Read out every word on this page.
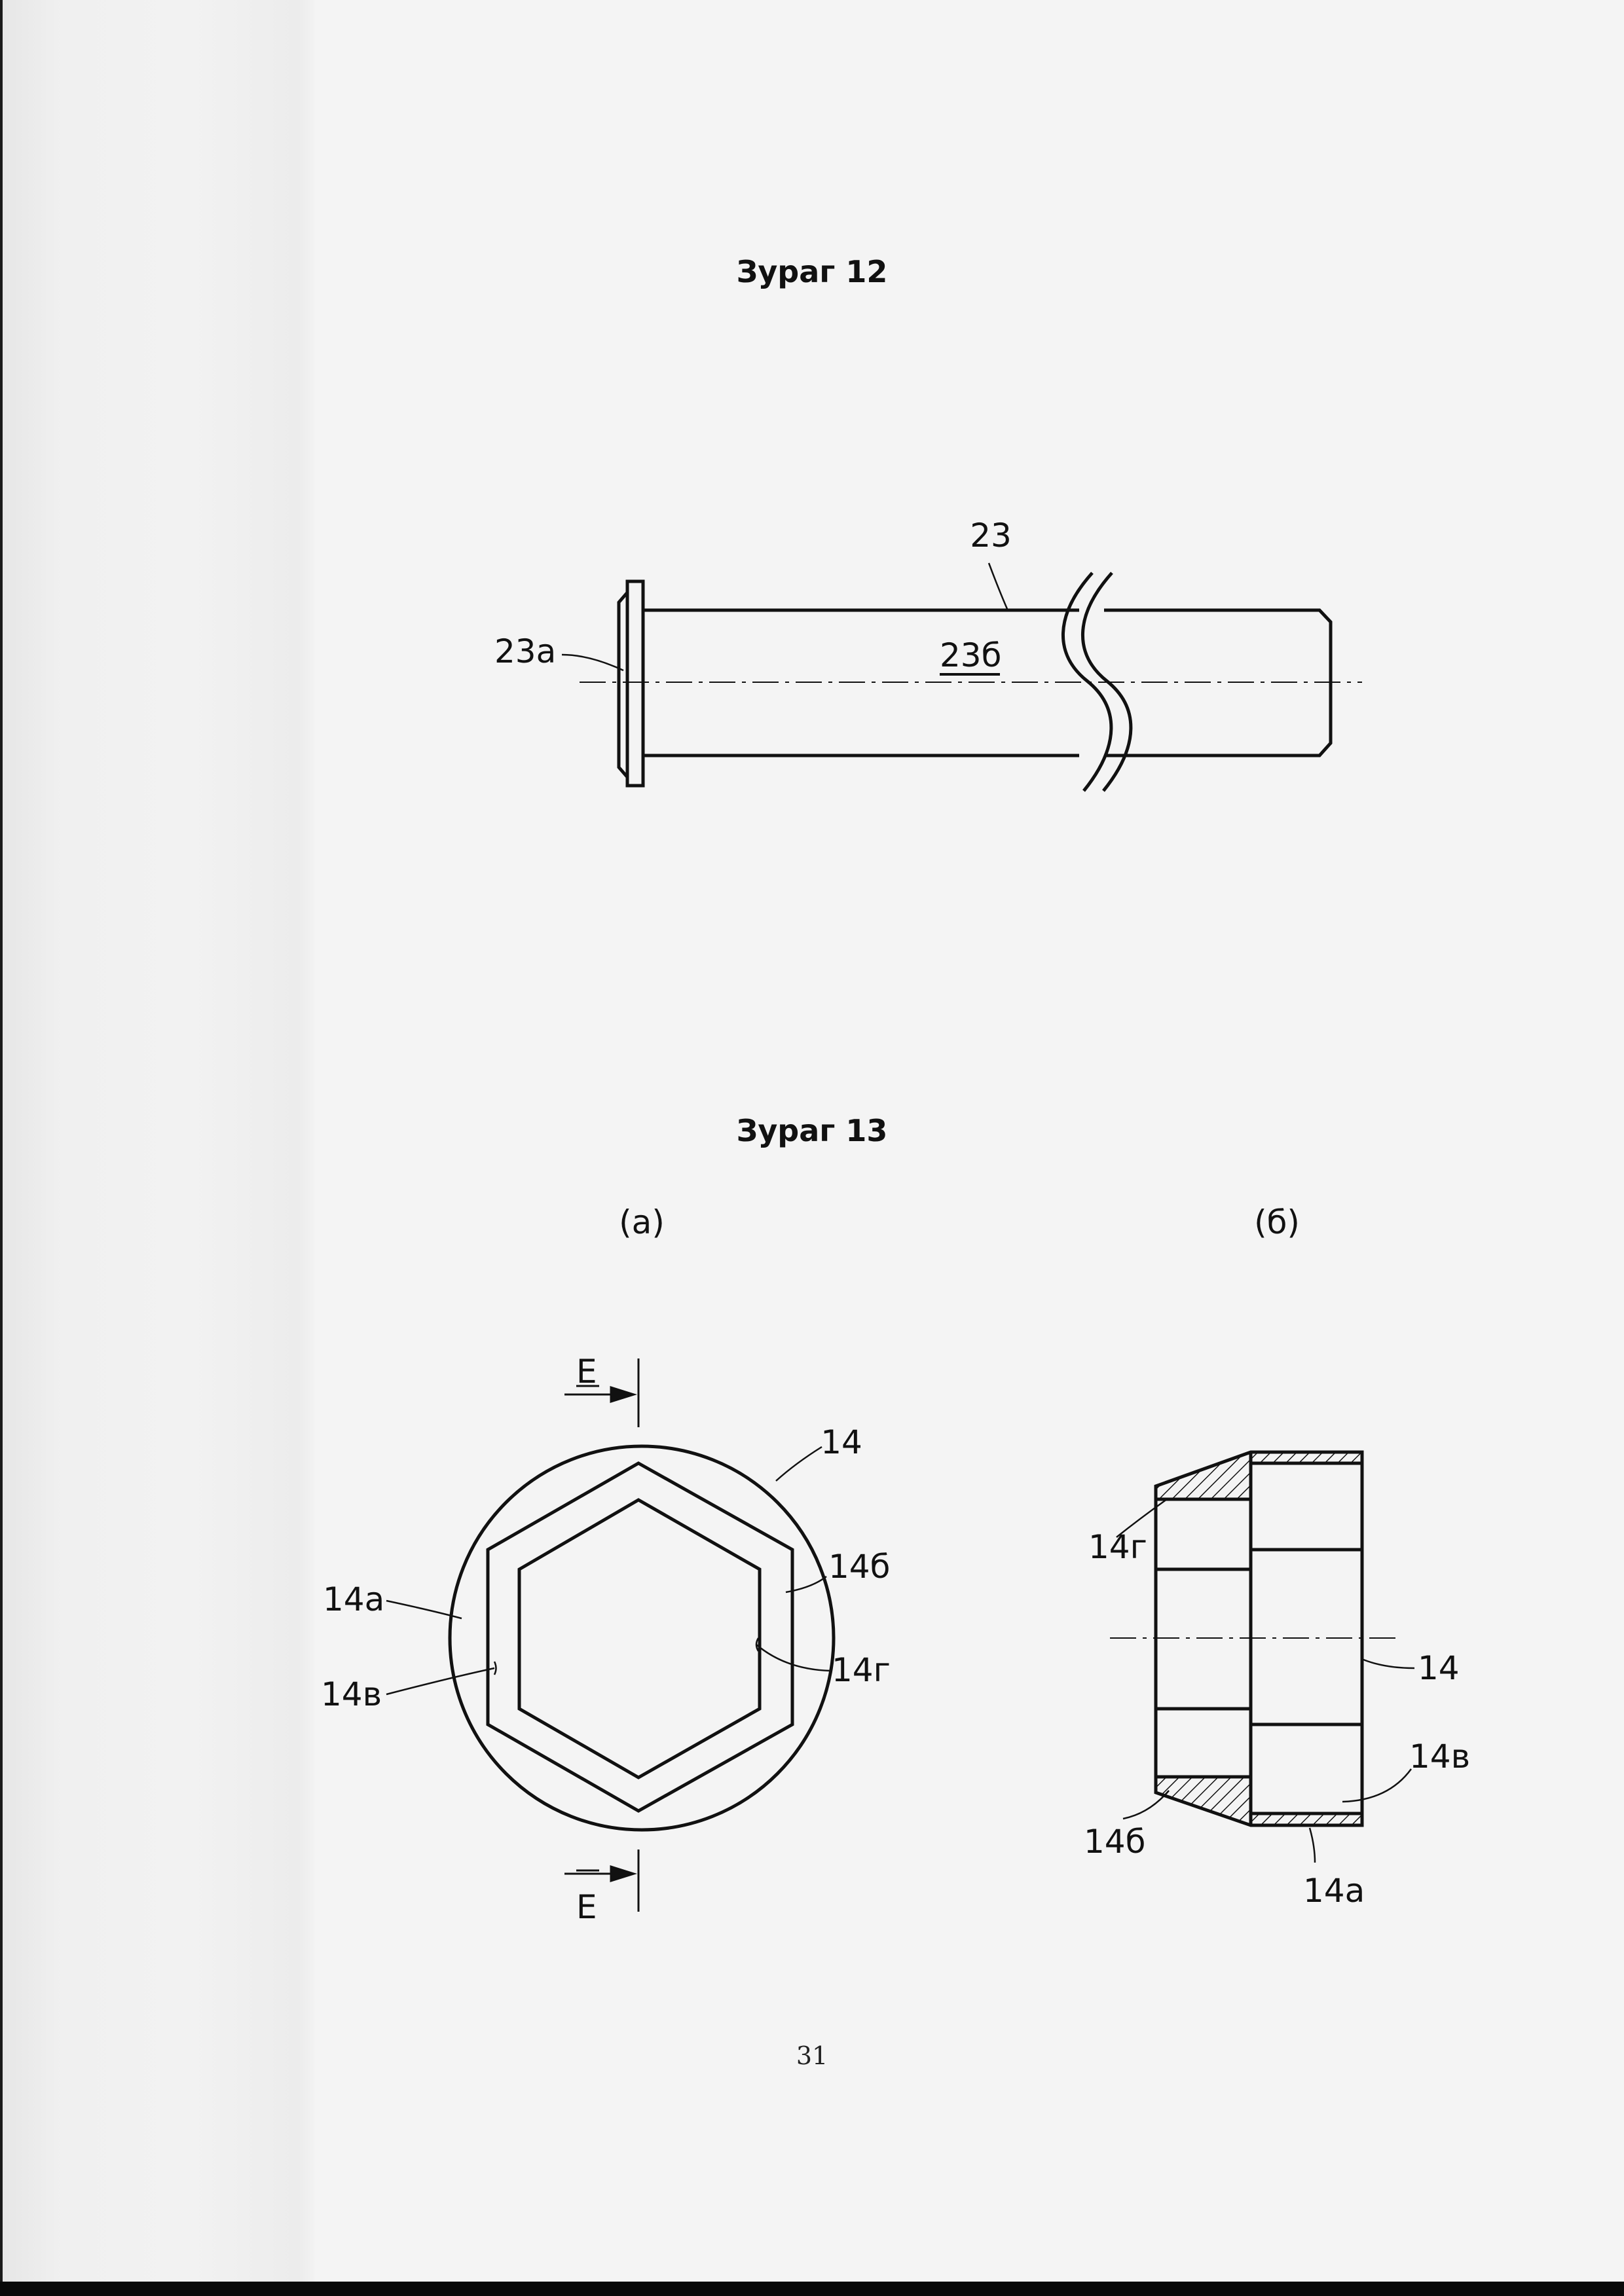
Зураг 12
Зураг 13
(a)	(б)
23
23a	23б
E
E
14
14a
14б
14в
14г
14г
14
14в
14б
14a
31
